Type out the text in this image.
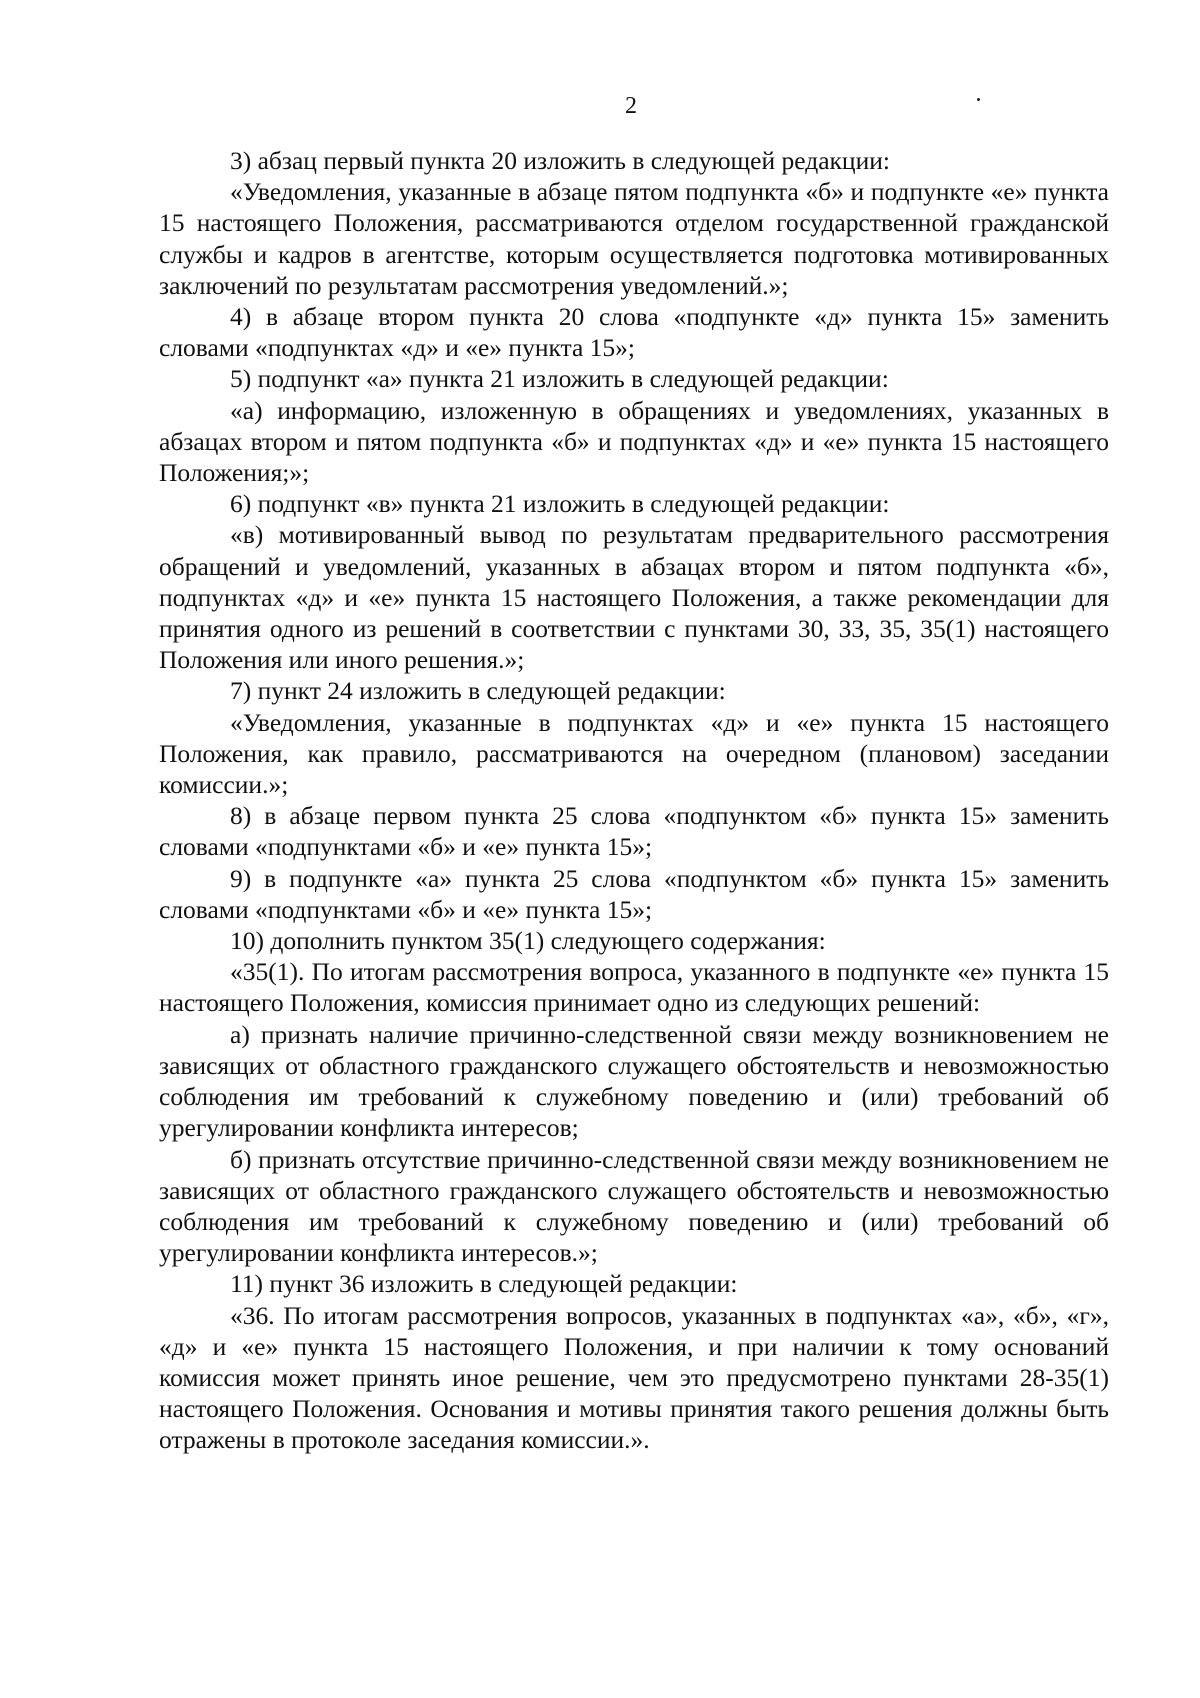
2

3) абзац первый пункта 20 изложить в следующей редакции:

«Уведомления, указанные в абзаце пятом подпункта «б» и подпункте «е» пункта 15 настоящего Положения, рассматриваются отделом государственной гражданской службы и кадров в агентстве, которым осуществляется подготовка мотивированных заключений по результатам рассмотрения уведомлений.»;

4) в абзаце втором пункта 20 слова «подпункте «д» пункта 15» заменить словами «подпунктах «д» и «е» пункта 15»;

5) подпункт «а» пункта 21 изложить в следующей редакции:

«а) информацию, изложенную в обращениях и уведомлениях, указанных в абзацах втором и пятом подпункта «б» и подпунктах «д» и «е» пункта 15 настоящего Положения;»;

6) подпункт «в» пункта 21 изложить в следующей редакции:

«в) мотивированный вывод по результатам предварительного рассмотрения обращений и уведомлений, указанных в абзацах втором и пятом подпункта «б», подпунктах «д» и «е» пункта 15 настоящего Положения, а также рекомендации для принятия одного из решений в соответствии с пунктами 30, 33, 35, 35(1) настоящего Положения или иного решения.»;

7) пункт 24 изложить в следующей редакции:

«Уведомления, указанные в подпунктах «д» и «е» пункта 15 настоящего Положения, как правило, рассматриваются на очередном (плановом) заседании комиссии.»;

8) в абзаце первом пункта 25 слова «подпунктом «б» пункта 15» заменить словами «подпунктами «б» и «е» пункта 15»;

9) в подпункте «а» пункта 25 слова «подпунктом «б» пункта 15» заменить словами «подпунктами «б» и «е» пункта 15»;

10) дополнить пунктом 35(1) следующего содержания:

«35(1). По итогам рассмотрения вопроса, указанного в подпункте «е» пункта 15 настоящего Положения, комиссия принимает одно из следующих решений:

а) признать наличие причинно-следственной связи между возникновением не зависящих от областного гражданского служащего обстоятельств и невозможностью соблюдения им требований к служебному поведению и (или) требований об урегулировании конфликта интересов;

б) признать отсутствие причинно-следственной связи между возникновением не зависящих от областного гражданского служащего обстоятельств и невозможностью соблюдения им требований к служебному поведению и (или) требований об урегулировании конфликта интересов.»;

11) пункт 36 изложить в следующей редакции:

«36. По итогам рассмотрения вопросов, указанных в подпунктах «а», «б», «г», «д» и «е» пункта 15 настоящего Положения, и при наличии к тому оснований комиссия может принять иное решение, чем это предусмотрено пунктами 28-35(1) настоящего Положения. Основания и мотивы принятия такого решения должны быть отражены в протоколе заседания комиссии.».
